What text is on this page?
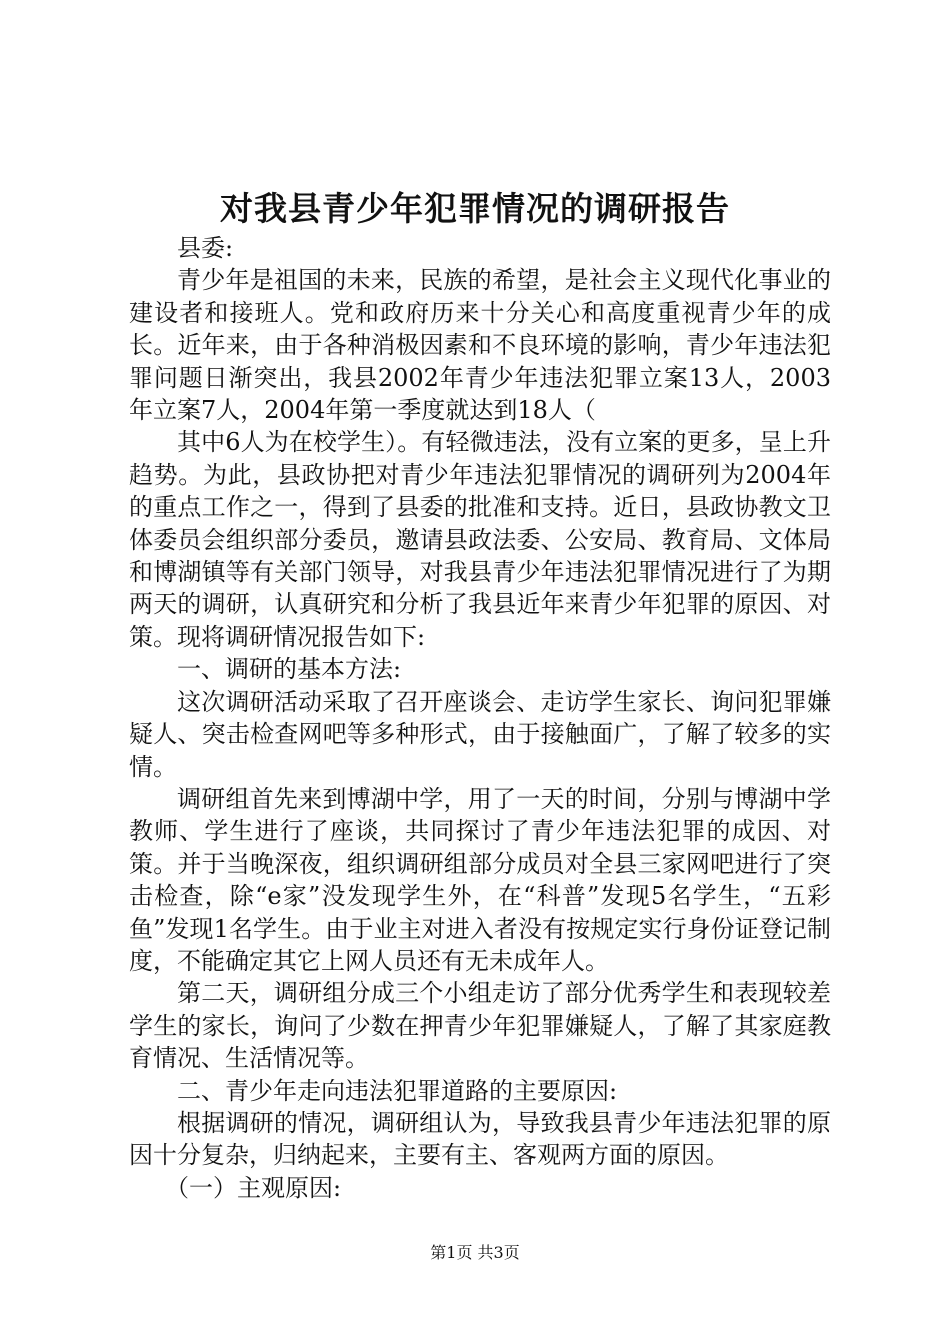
对我县青少年犯罪情况的调研报告

县委:

青少年是祖国的未来，民族的希望，是社会主义现代化事业的建设者和接班人。党和政府历来十分关心和高度重视青少年的成长。近年来，由于各种消极因素和不良环境的影响，青少年违法犯罪问题日渐突出，我县2002年青少年违法犯罪立案13人，2003年立案7人，2004年第一季度就达到18人（

其中6人为在校学生）。有轻微违法，没有立案的更多，呈上升趋势。为此，县政协把对青少年违法犯罪情况的调研列为2004年的重点工作之一，得到了县委的批准和支持。近日，县政协教文卫体委员会组织部分委员，邀请县政法委、公安局、教育局、文体局和博湖镇等有关部门领导，对我县青少年违法犯罪情况进行了为期两天的调研，认真研究和分析了我县近年来青少年犯罪的原因、对策。现将调研情况报告如下:

一、调研的基本方法:

这次调研活动采取了召开座谈会、走访学生家长、询问犯罪嫌疑人、突击检查网吧等多种形式，由于接触面广，了解了较多的实情。

调研组首先来到博湖中学，用了一天的时间，分别与博湖中学教师、学生进行了座谈，共同探讨了青少年违法犯罪的成因、对策。并于当晚深夜，组织调研组部分成员对全县三家网吧进行了突击检查，除“e家”没发现学生外，在“科普”发现5名学生，“五彩鱼”发现1名学生。由于业主对进入者没有按规定实行身份证登记制度，不能确定其它上网人员还有无未成年人。

第二天，调研组分成三个小组走访了部分优秀学生和表现较差学生的家长，询问了少数在押青少年犯罪嫌疑人，了解了其家庭教育情况、生活情况等。

二、青少年走向违法犯罪道路的主要原因:

根据调研的情况，调研组认为，导致我县青少年违法犯罪的原因十分复杂，归纳起来，主要有主、客观两方面的原因。

（一）主观原因:

第1页 共3页
